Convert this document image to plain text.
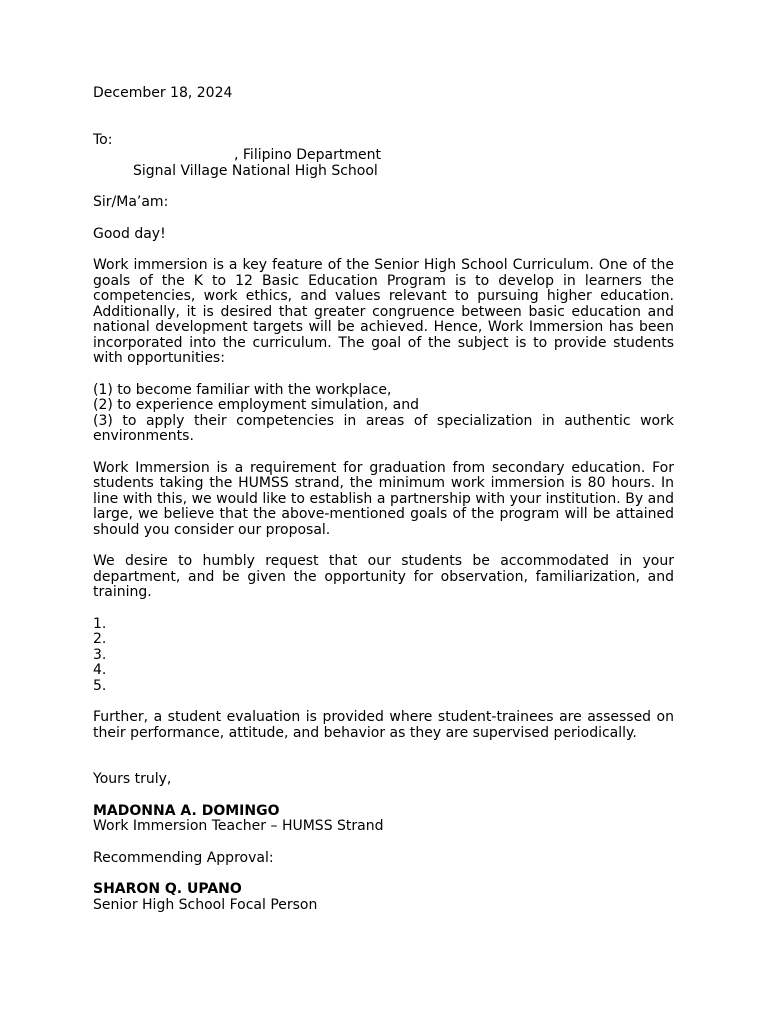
December 18, 2024

To:

, Filipino Department

Signal Village National High School

Sir/Ma’am:

Good day!

Work immersion is a key feature of the Senior High School Curriculum. One of the goals of the K to 12 Basic Education Program is to develop in learners the competencies, work ethics, and values relevant to pursuing higher education. Additionally, it is desired that greater congruence between basic education and national development targets will be achieved. Hence, Work Immersion has been incorporated into the curriculum. The goal of the subject is to provide students with opportunities:

(1) to become familiar with the workplace,

(2) to experience employment simulation, and

(3) to apply their competencies in areas of specialization in authentic work environments.

Work Immersion is a requirement for graduation from secondary education. For students taking the HUMSS strand, the minimum work immersion is 80 hours. In line with this, we would like to establish a partnership with your institution. By and large, we believe that the above-mentioned goals of the program will be attained should you consider our proposal.

We desire to humbly request that our students be accommodated in your department, and be given the opportunity for observation, familiarization, and training.

1.

2.

3.

4.

5.

Further, a student evaluation is provided where student-trainees are assessed on their performance, attitude, and behavior as they are supervised periodically.

Yours truly,

MADONNA A. DOMINGO

Work Immersion Teacher – HUMSS Strand

Recommending Approval:

SHARON Q. UPANO

Senior High School Focal Person
